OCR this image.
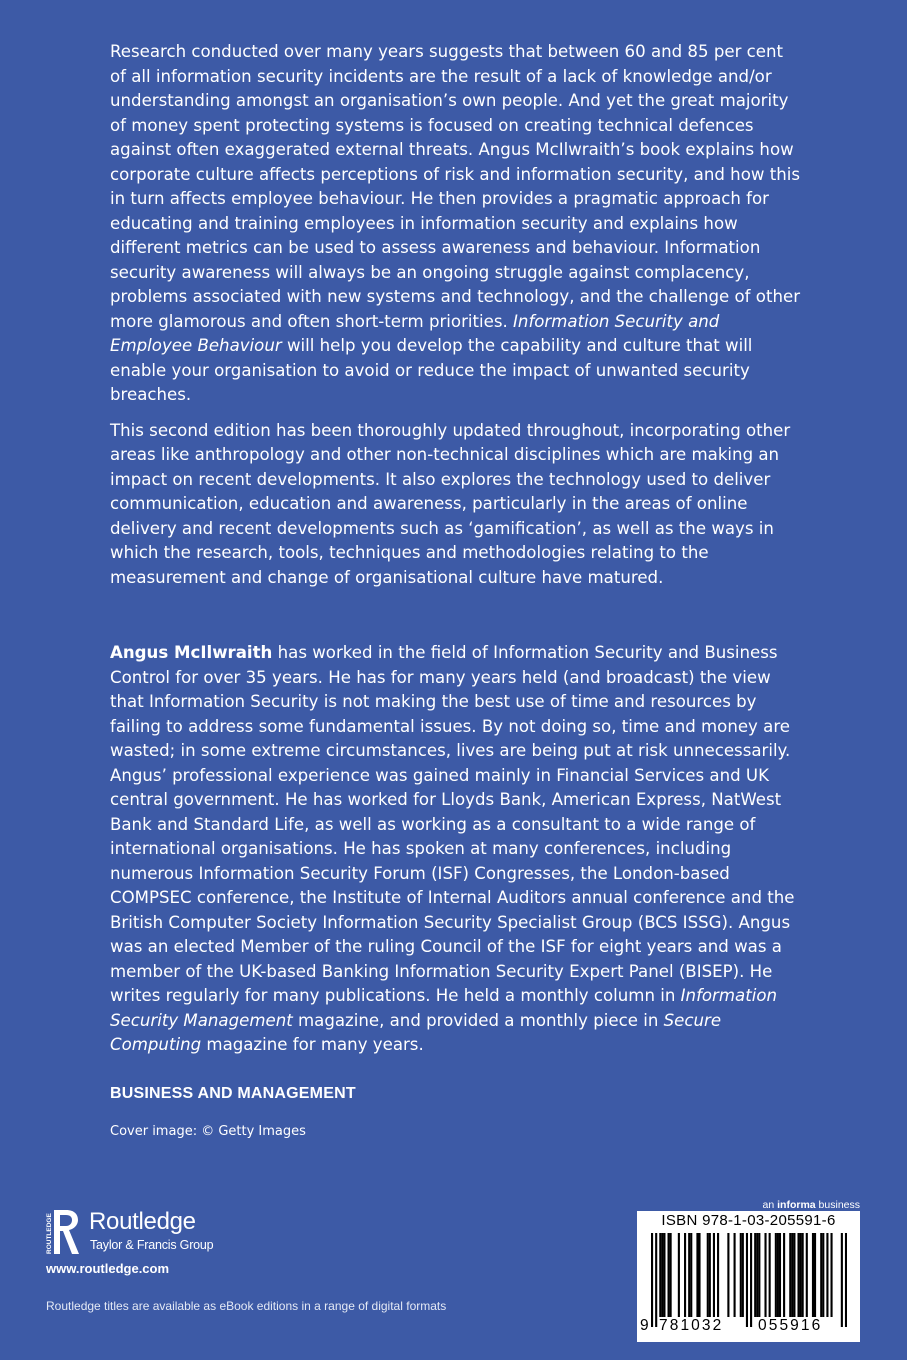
Research conducted over many years suggests that between 60 and 85 per cent of all information security incidents are the result of a lack of knowledge and/or understanding amongst an organisation’s own people. And yet the great majority of money spent protecting systems is focused on creating technical defences against often exaggerated external threats. Angus McIlwraith’s book explains how corporate culture affects perceptions of risk and information security, and how this in turn affects employee behaviour. He then provides a pragmatic approach for educating and training employees in information security and explains how different metrics can be used to assess awareness and behaviour. Information security awareness will always be an ongoing struggle against complacency, problems associated with new systems and technology, and the challenge of other more glamorous and often short-term priorities. Information Security and Employee Behaviour will help you develop the capability and culture that will enable your organisation to avoid or reduce the impact of unwanted security breaches.

This second edition has been thoroughly updated throughout, incorporating other areas like anthropology and other non-technical disciplines which are making an impact on recent developments. It also explores the technology used to deliver communication, education and awareness, particularly in the areas of online delivery and recent developments such as ‘gamification’, as well as the ways in which the research, tools, techniques and methodologies relating to the measurement and change of organisational culture have matured.

Angus McIlwraith has worked in the field of Information Security and Business Control for over 35 years. He has for many years held (and broadcast) the view that Information Security is not making the best use of time and resources by failing to address some fundamental issues. By not doing so, time and money are wasted; in some extreme circumstances, lives are being put at risk unnecessarily. Angus’ professional experience was gained mainly in Financial Services and UK central government. He has worked for Lloyds Bank, American Express, NatWest Bank and Standard Life, as well as working as a consultant to a wide range of international organisations. He has spoken at many conferences, including numerous Information Security Forum (ISF) Congresses, the London-based COMPSEC conference, the Institute of Internal Auditors annual conference and the British Computer Society Information Security Specialist Group (BCS ISSG). Angus was an elected Member of the ruling Council of the ISF for eight years and was a member of the UK-based Banking Information Security Expert Panel (BISEP). He writes regularly for many publications. He held a monthly column in Information Security Management magazine, and provided a monthly piece in Secure Computing magazine for many years.

BUSINESS AND MANAGEMENT
Cover image: © Getty Images
ROUTLEDGE Routledge
Taylor & Francis Group
www.routledge.com
Routledge titles are available as eBook editions in a range of digital formats
an informa business
ISBN 978-1-03-205591-6
9 781032 055916
